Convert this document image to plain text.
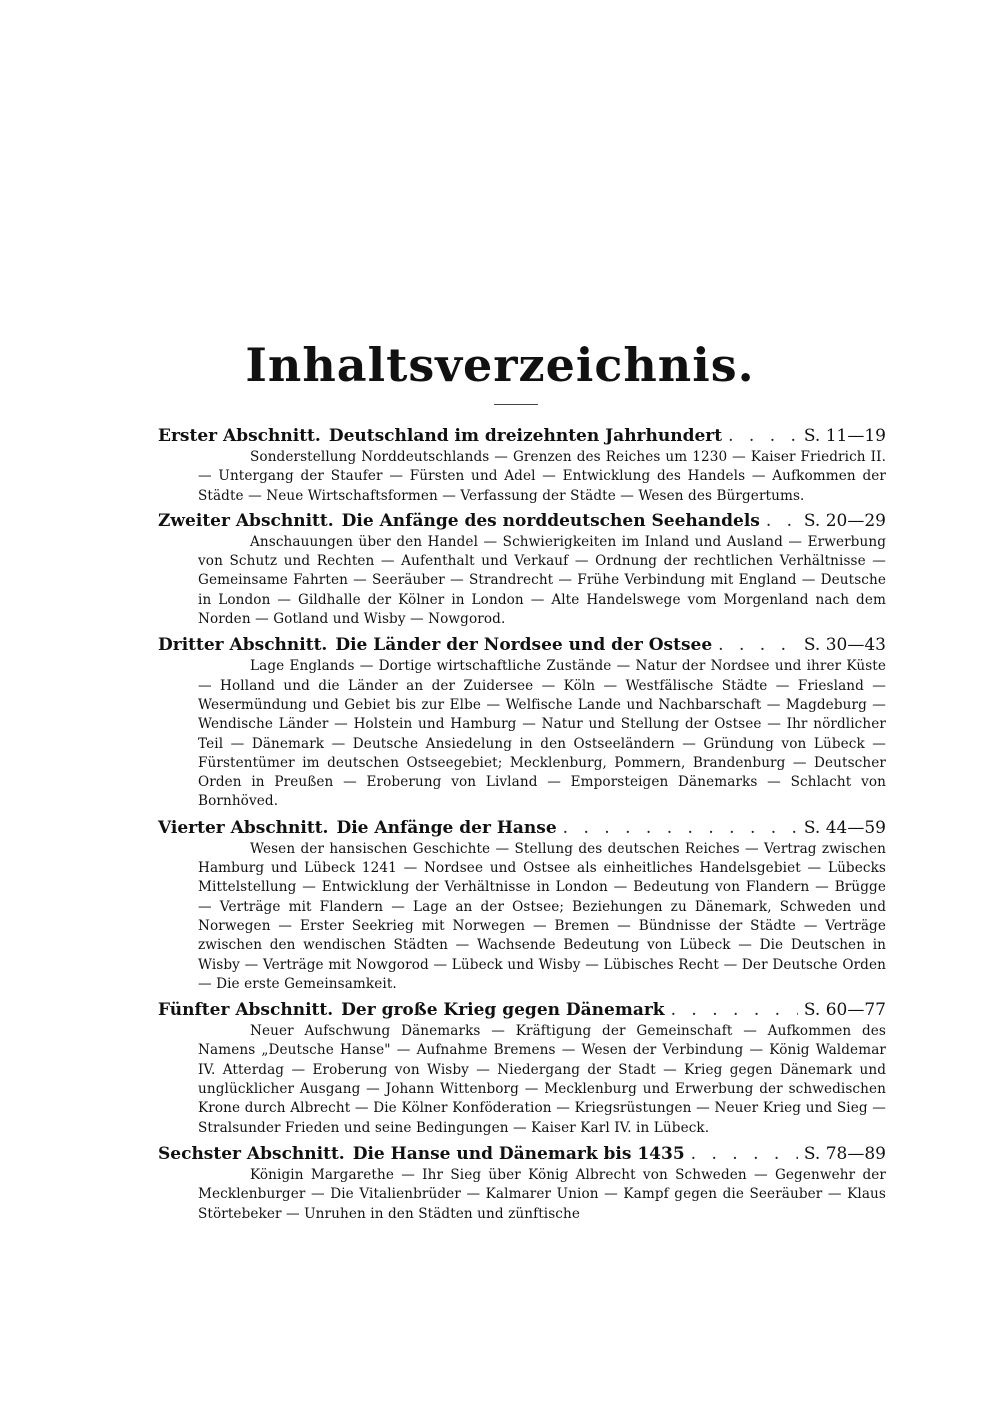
Inhaltsverzeichnis.
Erster Abschnitt. Deutschland im dreizehnten Jahrhundert . . .	S. 11—19
Sonderstellung Norddeutschlands — Grenzen des Reiches um 1230 — Kaiser Friedrich II. — Untergang der Staufer — Fürsten und Adel — Entwicklung des Handels — Aufkommen der Städte — Neue Wirtschaftsformen — Verfassung der Städte — Wesen des Bürgertums.
Zweiter Abschnitt. Die Anfänge des norddeutschen Seehandels . . .	S. 20—29
Anschauungen über den Handel — Schwierigkeiten im Inland und Ausland — Erwerbung von Schutz und Rechten — Aufenthalt und Verkauf — Ordnung der rechtlichen Verhältnisse — Gemeinsame Fahrten — Seeräuber — Strandrecht — Frühe Verbindung mit England — Deutsche in London — Gildhalle der Kölner in London — Alte Handelswege vom Morgenland nach dem Norden — Gotland und Wisby — Nowgorod.
Dritter Abschnitt. Die Länder der Nordsee und der Ostsee . . .	S. 30—43
Lage Englands — Dortige wirtschaftliche Zustände — Natur der Nordsee und ihrer Küste — Holland und die Länder an der Zuidersee — Köln — Westfälische Städte — Friesland — Wesermündung und Gebiet bis zur Elbe — Welfische Lande und Nachbarschaft — Magdeburg — Wendische Länder — Holstein und Hamburg — Natur und Stellung der Ostsee — Ihr nördlicher Teil — Dänemark — Deutsche Ansiedelung in den Ostseeländern — Gründung von Lübeck — Fürstentümer im deutschen Ostseegebiet; Mecklenburg, Pommern, Brandenburg — Deutscher Orden in Preußen — Eroberung von Livland — Emporsteigen Dänemarks — Schlacht von Bornhöved.
Vierter Abschnitt. Die Anfänge der Hanse . . .	S. 44—59
Wesen der hansischen Geschichte — Stellung des deutschen Reiches — Vertrag zwischen Hamburg und Lübeck 1241 — Nordsee und Ostsee als einheitliches Handelsgebiet — Lübecks Mittelstellung — Entwicklung der Verhältnisse in London — Bedeutung von Flandern — Brügge — Verträge mit Flandern — Lage an der Ostsee; Beziehungen zu Dänemark, Schweden und Norwegen — Erster Seekrieg mit Norwegen — Bremen — Bündnisse der Städte — Verträge zwischen den wendischen Städten — Wachsende Bedeutung von Lübeck — Die Deutschen in Wisby — Verträge mit Nowgorod — Lübeck und Wisby — Lübisches Recht — Der Deutsche Orden — Die erste Gemeinsamkeit.
Fünfter Abschnitt. Der große Krieg gegen Dänemark . . .	S. 60—77
Neuer Aufschwung Dänemarks — Kräftigung der Gemeinschaft — Aufkommen des Namens „Deutsche Hanse" — Aufnahme Bremens — Wesen der Verbindung — König Waldemar IV. Atterdag — Eroberung von Wisby — Niedergang der Stadt — Krieg gegen Dänemark und unglücklicher Ausgang — Johann Wittenborg — Mecklenburg und Erwerbung der schwedischen Krone durch Albrecht — Die Kölner Konföderation — Kriegsrüstungen — Neuer Krieg und Sieg — Stralsunder Frieden und seine Bedingungen — Kaiser Karl IV. in Lübeck.
Sechster Abschnitt. Die Hanse und Dänemark bis 1435 . . .	S. 78—89
Königin Margarethe — Ihr Sieg über König Albrecht von Schweden — Gegenwehr der Mecklenburger — Die Vitalienbrüder — Kalmarer Union — Kampf gegen die Seeräuber — Klaus Störtebeker — Unruhen in den Städten und zünftische
